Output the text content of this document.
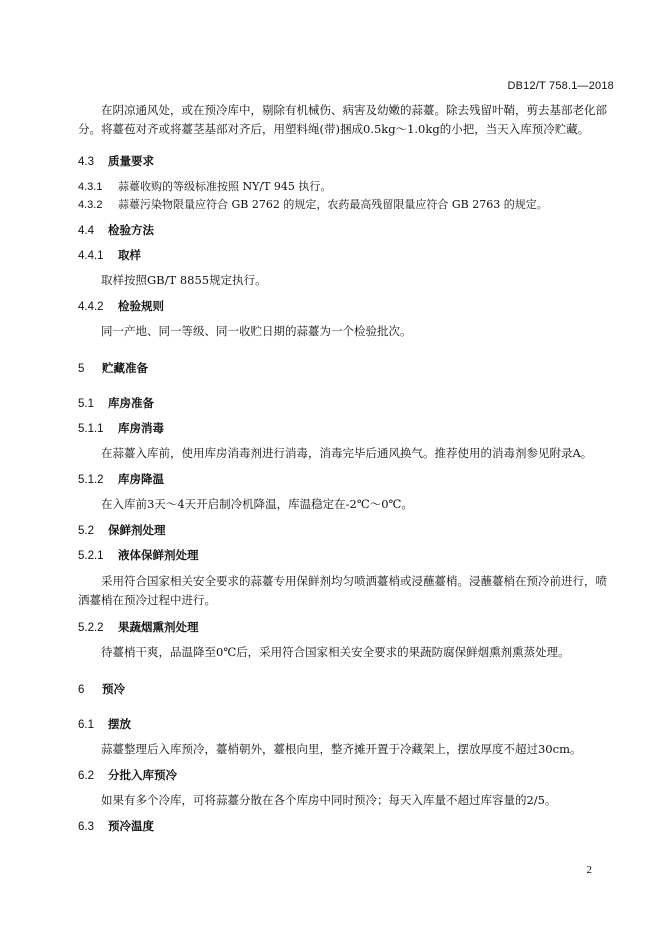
DB12/T 758.1—2018
在阴凉通风处，或在预冷库中，剔除有机械伤、病害及幼嫩的蒜薹。除去残留叶鞘，剪去基部老化部分。将薹苞对齐或将薹茎基部对齐后，用塑料绳(带)捆成0.5kg～1.0kg的小把，当天入库预冷贮藏。
4.3 质量要求
4.3.1 蒜薹收购的等级标准按照 NY/T 945 执行。
4.3.2 蒜薹污染物限量应符合 GB 2762 的规定，农药最高残留限量应符合 GB 2763 的规定。
4.4 检验方法
4.4.1 取样
取样按照GB/T 8855规定执行。
4.4.2 检验规则
同一产地、同一等级、同一收贮日期的蒜薹为一个检验批次。
5 贮藏准备
5.1 库房准备
5.1.1 库房消毒
在蒜薹入库前，使用库房消毒剂进行消毒，消毒完毕后通风换气。推荐使用的消毒剂参见附录A。
5.1.2 库房降温
在入库前3天～4天开启制冷机降温，库温稳定在-2℃～0℃。
5.2 保鲜剂处理
5.2.1 液体保鲜剂处理
采用符合国家相关安全要求的蒜薹专用保鲜剂均匀喷洒薹梢或浸蘸薹梢。浸蘸薹梢在预冷前进行，喷洒薹梢在预冷过程中进行。
5.2.2 果蔬烟熏剂处理
待薹梢干爽，品温降至0℃后，采用符合国家相关安全要求的果蔬防腐保鲜烟熏剂熏蒸处理。
6 预冷
6.1 摆放
蒜薹整理后入库预冷，薹梢朝外，薹根向里，整齐摊开置于冷藏架上，摆放厚度不超过30cm。
6.2 分批入库预冷
如果有多个冷库，可将蒜薹分散在各个库房中同时预冷；每天入库量不超过库容量的2/5。
6.3 预冷温度
2
